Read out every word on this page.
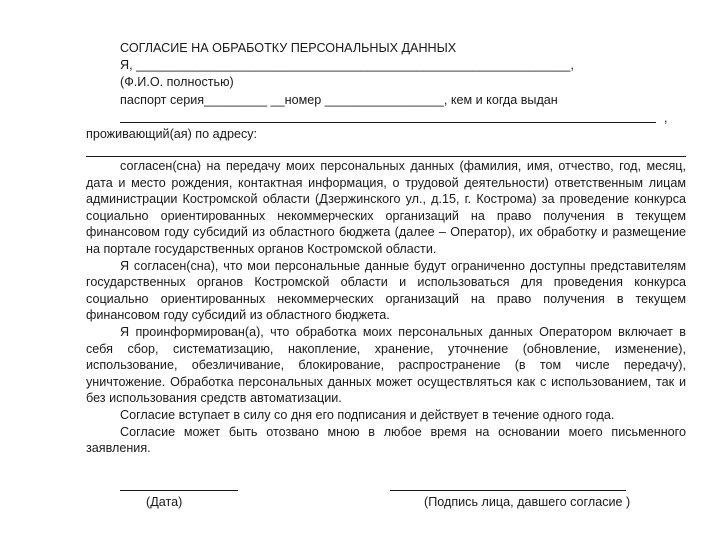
СОГЛАСИЕ НА ОБРАБОТКУ ПЕРСОНАЛЬНЫХ ДАННЫХ
Я, ______________________________________________________________,
(Ф.И.О. полностью)
паспорт серия_________ __номер _________________, кем и когда выдан
,
проживающий(ая) по адресу:

согласен(сна) на передачу моих персональных данных (фамилия, имя, отчество, год, месяц, дата и место рождения, контактная информация, о трудовой деятельности) ответственным лицам администрации Костромской области (Дзержинского ул., д.15, г. Кострома) за проведение конкурса социально ориентированных некоммерческих организаций на право получения в текущем финансовом году субсидий из областного бюджета (далее – Оператор), их обработку и размещение на портале государственных органов Костромской области.

Я согласен(сна), что мои персональные данные будут ограниченно доступны представителям государственных органов Костромской области и использоваться для проведения конкурса социально ориентированных некоммерческих организаций на право получения в текущем финансовом году субсидий из областного бюджета.

Я проинформирован(а), что обработка моих персональных данных Оператором включает в себя сбор, систематизацию, накопление, хранение, уточнение (обновление, изменение), использование, обезличивание, блокирование, распространение (в том числе передачу), уничтожение. Обработка персональных данных может осуществляться как с использованием, так и без использования средств автоматизации.

Согласие вступает в силу со дня его подписания и действует в течение одного года.

Согласие может быть отозвано мною в любое время на основании моего письменного заявления.

(Дата)	(Подпись лица, давшего согласие )
